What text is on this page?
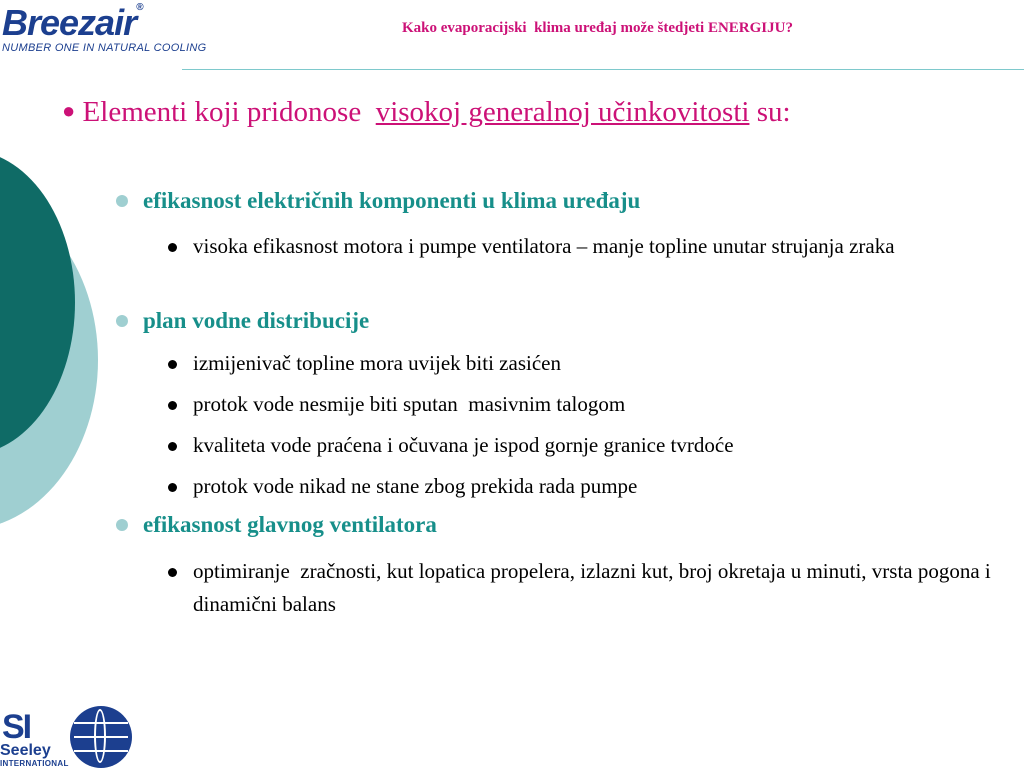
Breezair®
NUMBER ONE IN NATURAL COOLING
Kako evaporacijski  klima uređaj može štedjeti ENERGIJU?
● Elementi koji pridonose  visokoj generalnoj učinkovitosti su:
efikasnost električnih komponenti u klima uređaju
visoka efikasnost motora i pumpe ventilatora – manje topline unutar strujanja zraka
plan vodne distribucije
izmijenivač topline mora uvijek biti zasićen
protok vode nesmije biti sputan  masivnim talogom
kvaliteta vode praćena i očuvana je ispod gornje granice tvrdoće
protok vode nikad ne stane zbog prekida rada pumpe
efikasnost glavnog ventilatora
optimiranje  zračnosti, kut lopatica propelera, izlazni kut, broj okretaja u minuti, vrsta pogona i dinamični balans
SI
Seeley
INTERNATIONAL
